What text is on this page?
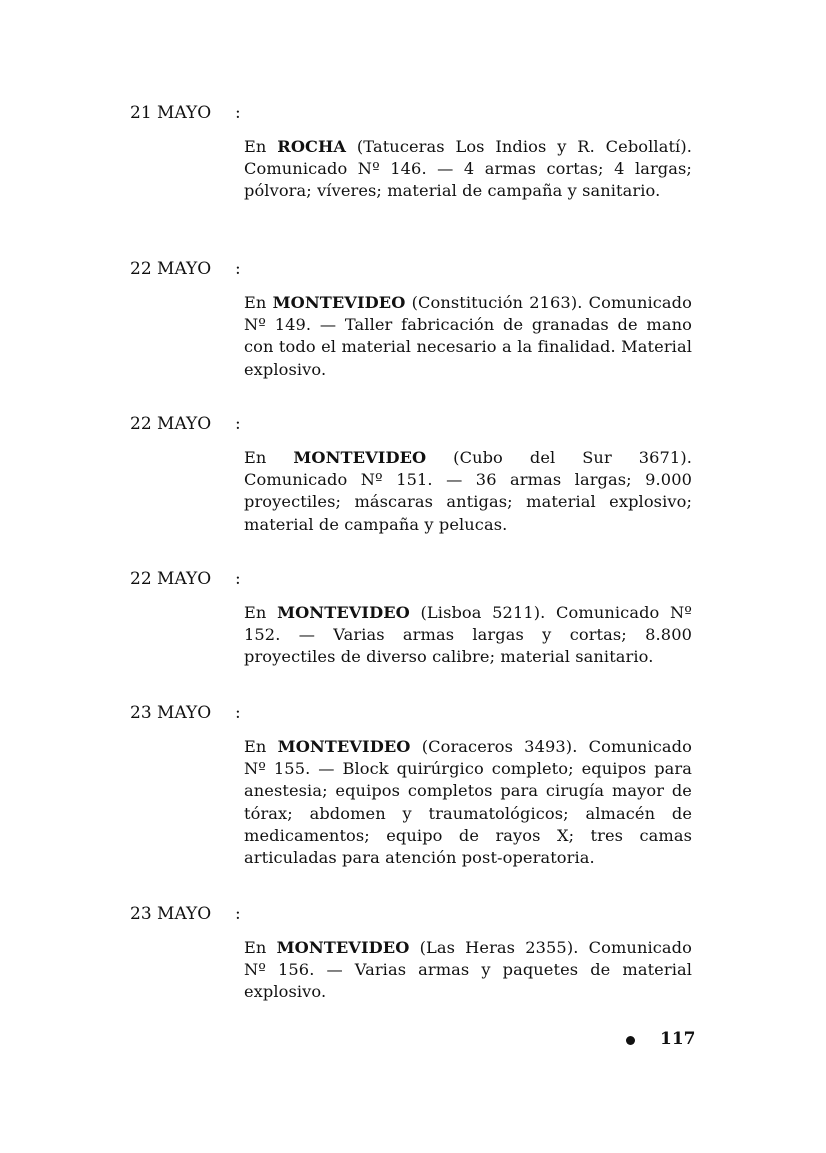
21 MAYO :
En ROCHA (Tatuceras Los Indios y R. Cebollatí). Comunicado Nº 146. — 4 armas cortas; 4 largas; pólvora; víveres; material de campaña y sanitario.
22 MAYO :
En MONTEVIDEO (Constitución 2163). Comunicado Nº 149. — Taller fabricación de granadas de mano con todo el material necesario a la finalidad. Material explosivo.
22 MAYO :
En MONTEVIDEO (Cubo del Sur 3671). Comunicado Nº 151. — 36 armas largas; 9.000 proyectiles; máscaras antigas; material explosivo; material de campaña y pelucas.
22 MAYO :
En MONTEVIDEO (Lisboa 5211). Comunicado Nº 152. — Varias armas largas y cortas; 8.800 proyectiles de diverso calibre; material sanitario.
23 MAYO :
En MONTEVIDEO (Coraceros 3493). Comunicado Nº 155. — Block quirúrgico completo; equipos para anestesia; equipos completos para cirugía mayor de tórax; abdomen y traumatológicos; almacén de medicamentos; equipo de rayos X; tres camas articuladas para atención post-operatoria.
23 MAYO :
En MONTEVIDEO (Las Heras 2355). Comunicado Nº 156. — Varias armas y paquetes de material explosivo.
117
